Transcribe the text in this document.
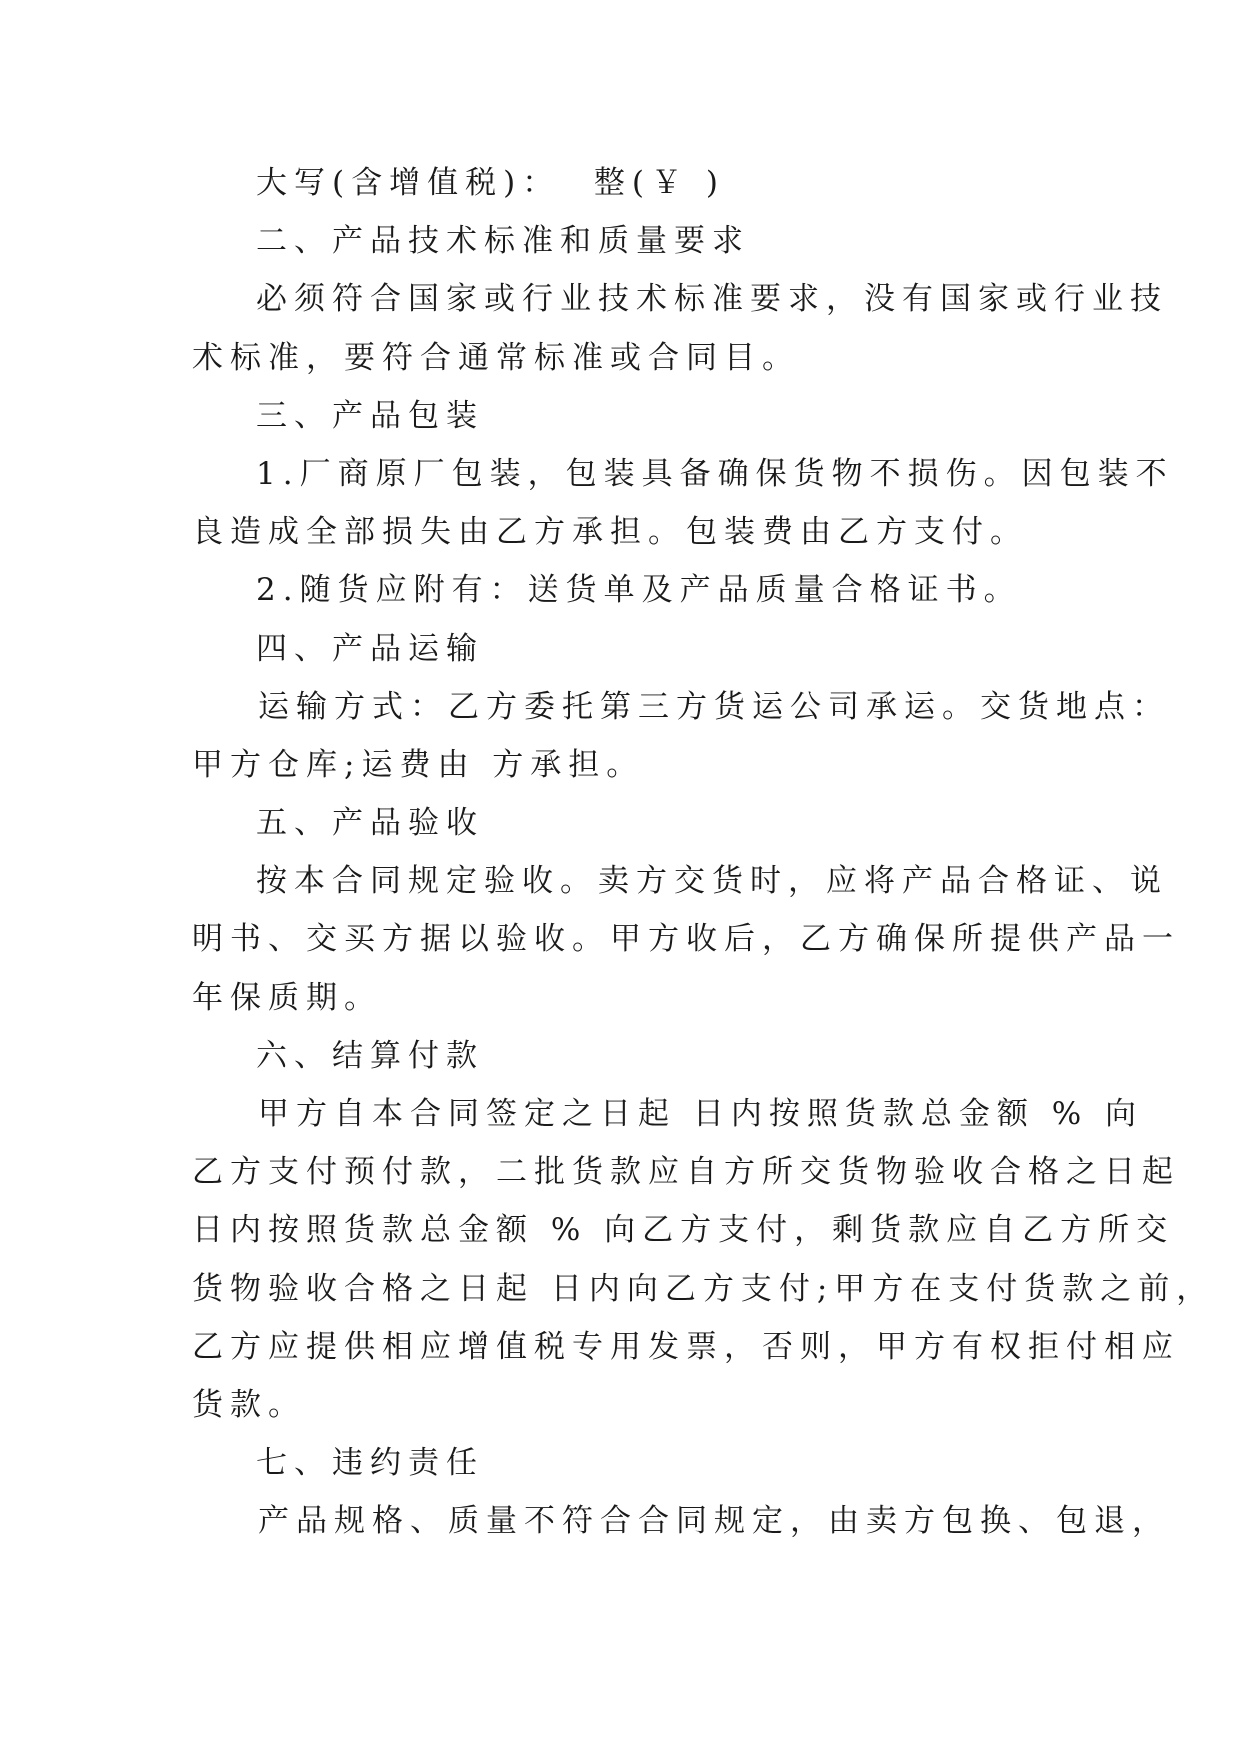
大写(含增值税)：  整(￥ )
二、产品技术标准和质量要求
必须符合国家或行业技术标准要求，没有国家或行业技
术标准，要符合通常标准或合同目。
三、产品包装
1.厂商原厂包装，包装具备确保货物不损伤。因包装不
良造成全部损失由乙方承担。包装费由乙方支付。
2.随货应附有：送货单及产品质量合格证书。
四、产品运输
运输方式：乙方委托第三方货运公司承运。交货地点：
甲方仓库;运费由 方承担。
五、产品验收
按本合同规定验收。卖方交货时，应将产品合格证、说
明书、交买方据以验收。甲方收后，乙方确保所提供产品一
年保质期。
六、结算付款
甲方自本合同签定之日起 日内按照货款总金额 % 向
乙方支付预付款，二批货款应自方所交货物验收合格之日起
日内按照货款总金额 % 向乙方支付，剩货款应自乙方所交
货物验收合格之日起 日内向乙方支付;甲方在支付货款之前，
乙方应提供相应增值税专用发票，否则，甲方有权拒付相应
货款。
七、违约责任
产品规格、质量不符合合同规定，由卖方包换、包退，
